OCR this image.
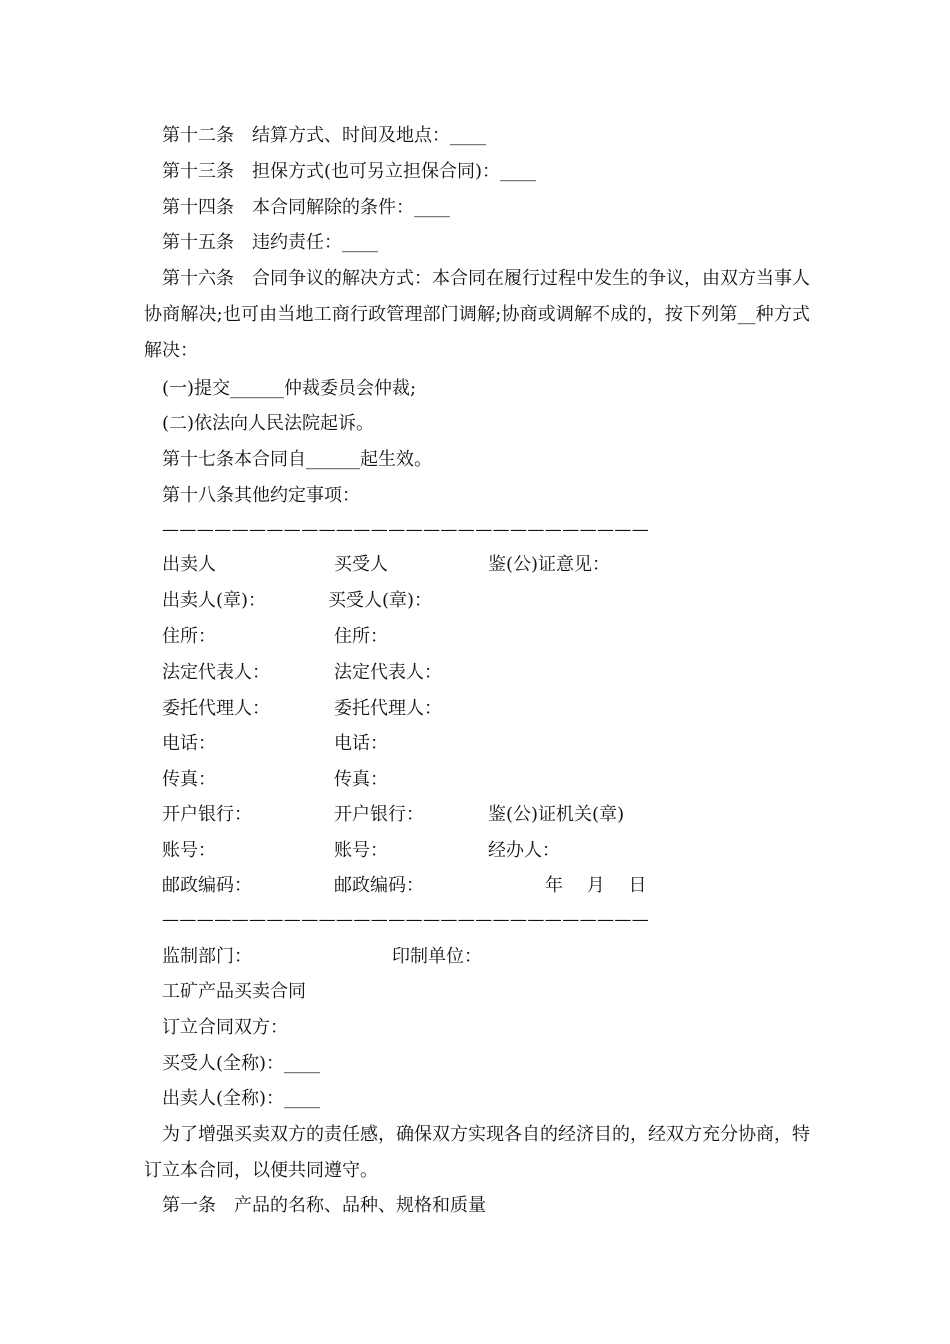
第十二条　结算方式、时间及地点：____
第十三条　担保方式(也可另立担保合同)：____
第十四条　本合同解除的条件：____
第十五条　违约责任：____
第十六条　合同争议的解决方式：本合同在履行过程中发生的争议，由双方当事人协商解决;也可由当地工商行政管理部门调解;协商或调解不成的，按下列第__种方式解决：
(一)提交______仲裁委员会仲裁;
(二)依法向人民法院起诉。
第十七条本合同自______起生效。
第十八条其他约定事项：
————————————————————————————
出卖人	买受人	鉴(公)证意见：
出卖人(章)：	买受人(章)：
住所：	住所：
法定代表人：	法定代表人：
委托代理人：	委托代理人：
电话：	电话：
传真：	传真：
开户银行：	开户银行：	鉴(公)证机关(章)
账号：	账号：	经办人：
邮政编码：	邮政编码：	年　 月　 日
————————————————————————————
监制部门：	印制单位：
工矿产品买卖合同
订立合同双方：
买受人(全称)：____
出卖人(全称)：____
为了增强买卖双方的责任感，确保双方实现各自的经济目的，经双方充分协商，特订立本合同，以便共同遵守。
第一条　产品的名称、品种、规格和质量
